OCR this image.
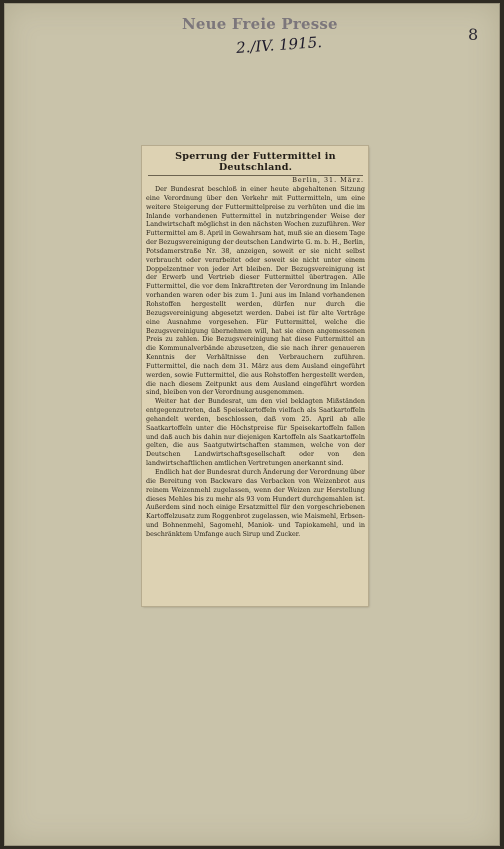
Neue Freie Presse
2./IV. 1915.	8
Sperrung der Futtermittel in Deutschland.
Berlin, 31. März.

Der Bundesrat beschloß in einer heute abgehaltenen Sitzung eine Verordnung über den Verkehr mit Futtermitteln, um eine weitere Steigerung der Futtermittelpreise zu verhüten und die im Inlande vorhandenen Futtermittel in nutzbringender Weise der Landwirtschaft möglichst in den nächsten Wochen zuzuführen. Wer Futtermittel am 8. April in Gewahrsam hat, muß sie an diesem Tage der Bezugsvereinigung der deutschen Landwirte G. m. b. H., Berlin, Potsdamerstraße Nr. 38, anzeigen, soweit er sie nicht selbst verbraucht oder verarbeitet oder soweit sie nicht unter einem Doppelzentner von jeder Art bleiben. Der Bezugsvereinigung ist der Erwerb und Vertrieb dieser Futtermittel übertragen. Alle Futtermittel, die vor dem Inkrafttreten der Verordnung im Inlande vorhanden waren oder bis zum 1. Juni aus im Inland vorhandenen Rohstoffen hergestellt werden, dürfen nur durch die Bezugsvereinigung abgesetzt werden. Dabei ist für alte Verträge eine Ausnahme vorgesehen. Für Futtermittel, welche die Bezugsvereinigung übernehmen will, hat sie einen angemessenen Preis zu zahlen. Die Bezugsvereinigung hat diese Futtermittel an die Kommunalverbände abzusetzen, die sie nach ihrer genaueren Kenntnis der Verhältnisse den Verbrauchern zuführen. Futtermittel, die nach dem 31. März aus dem Ausland eingeführt werden, sowie Futtermittel, die aus Rohstoffen hergestellt werden, die nach diesem Zeitpunkt aus dem Ausland eingeführt worden sind, bleiben von der Verordnung ausgenommen.

Weiter hat der Bundesrat, um den viel beklagten Mißständen entgegenzutreten, daß Speisekartoffeln vielfach als Saatkartoffeln gehandelt werden, beschlossen, daß vom 25. April ab alle Saatkartoffeln unter die Höchstpreise für Speisekartoffeln fallen und daß auch bis dahin nur diejenigen Kartoffeln als Saatkartoffeln gelten, die aus Saatgutwirtschaften stammen, welche von der Deutschen Landwirtschaftsgesellschaft oder von den landwirtschaftlichen amtlichen Vertretungen anerkannt sind.

Endlich hat der Bundesrat durch Änderung der Verordnung über die Bereitung von Backware das Verbacken von Weizenbrot aus reinem Weizenmehl zugelassen, wenn der Weizen zur Herstellung dieses Mehles bis zu mehr als 93 vom Hundert durchgemahlen ist. Außerdem sind noch einige Ersatzmittel für den vorgeschriebenen Kartoffelzusatz zum Roggenbrot zugelassen, wie Maismehl, Erbsen- und Bohnenmehl, Sagomehl, Maniok- und Tapiokamehl, und in beschränktem Umfange auch Sirup und Zucker.
